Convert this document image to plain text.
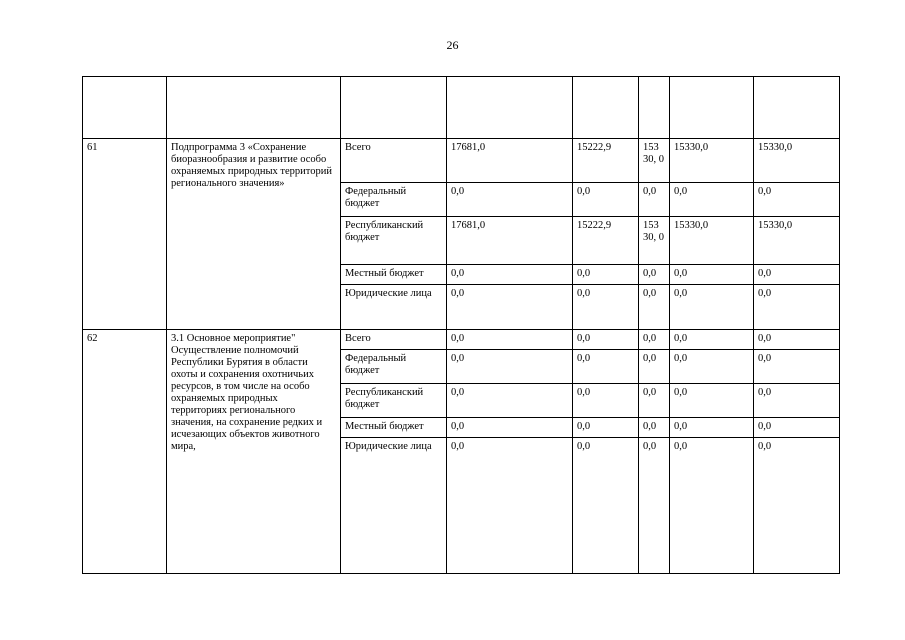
26

61	Подпрограмма 3 «Сохранение биоразнообразия и развитие особо охраняемых природных территорий регионального значения»	Всего	17681,0	15222,9	153 30, 0	15330,0	15330,0
		Федеральный бюджет	0,0	0,0	0,0	0,0	0,0
		Республиканский бюджет	17681,0	15222,9	153 30, 0	15330,0	15330,0
		Местный бюджет	0,0	0,0	0,0	0,0	0,0
		Юридические лица	0,0	0,0	0,0	0,0	0,0
62	3.1 Основное мероприятие" Осуществление полномочий Республики Бурятия в области охоты и сохранения охотничьих ресурсов, в том числе на особо охраняемых природных территориях регионального значения, на сохранение редких и исчезающих объектов животного мира,	Всего	0,0	0,0	0,0	0,0	0,0
		Федеральный бюджет	0,0	0,0	0,0	0,0	0,0
		Республиканский бюджет	0,0	0,0	0,0	0,0	0,0
		Местный бюджет	0,0	0,0	0,0	0,0	0,0
		Юридические лица	0,0	0,0	0,0	0,0	0,0
